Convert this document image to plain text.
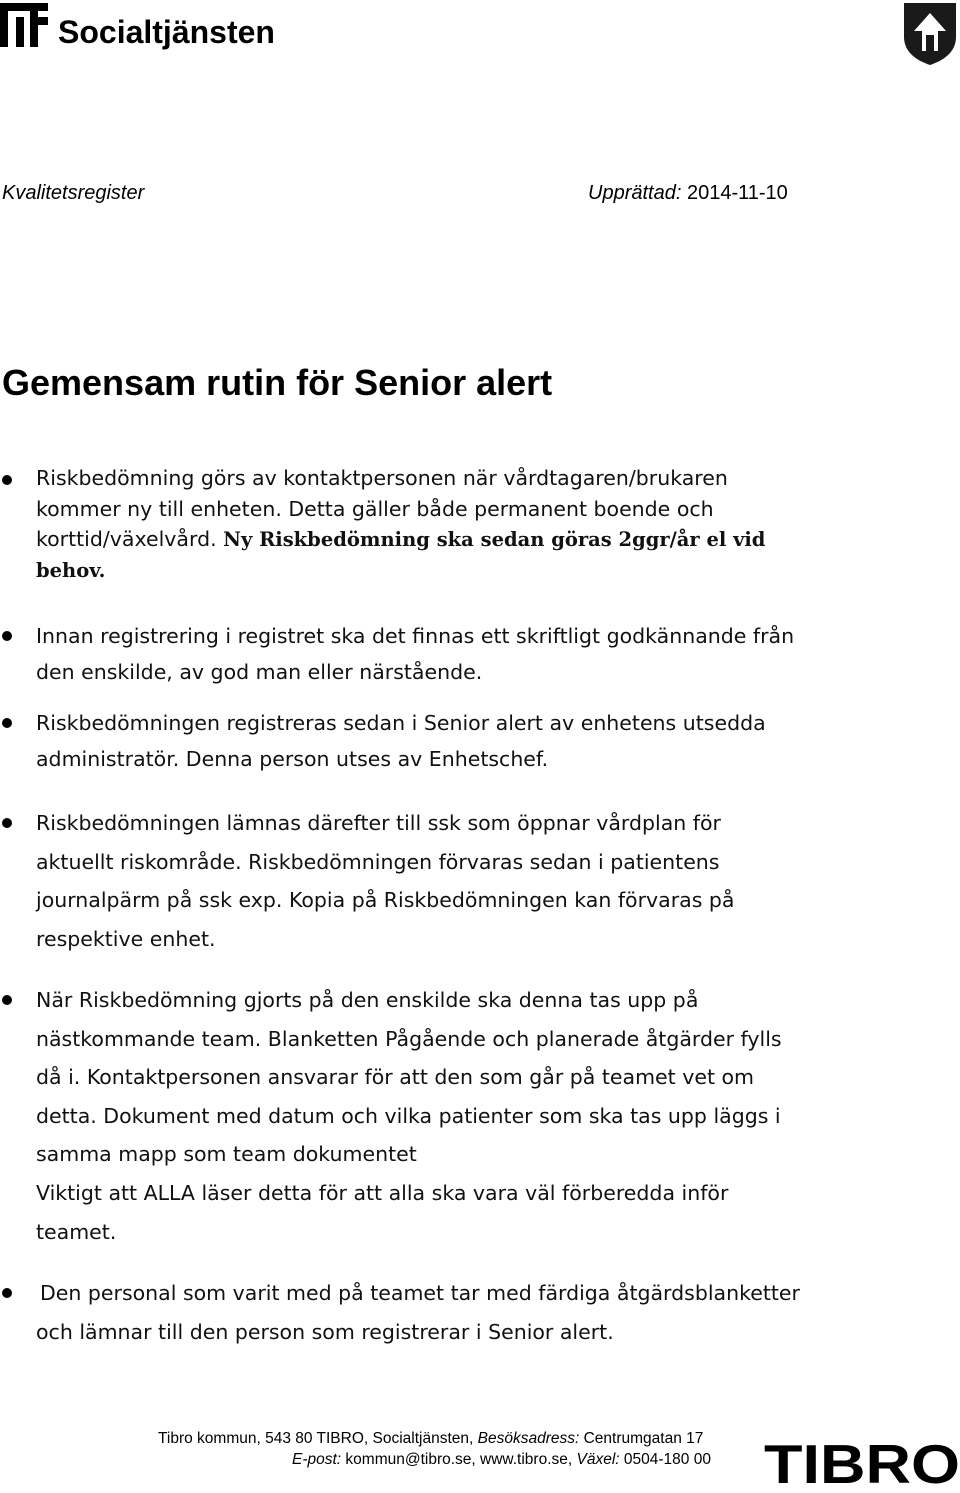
Socialtjänsten
Kvalitetsregister	Upprättad: 2014-11-10
Gemensam rutin för Senior alert
Riskbedömning görs av kontaktpersonen när vårdtagaren/brukaren
kommer ny till enheten. Detta gäller både permanent boende och
korttid/växelvård. Ny Riskbedömning ska sedan göras 2ggr/år el vid
behov.
Innan registrering i registret ska det finnas ett skriftligt godkännande från
den enskilde, av god man eller närstående.
Riskbedömningen registreras sedan i Senior alert av enhetens utsedda
administratör. Denna person utses av Enhetschef.
Riskbedömningen lämnas därefter till ssk som öppnar vårdplan för
aktuellt riskområde. Riskbedömningen förvaras sedan i patientens
journalpärm på ssk exp. Kopia på Riskbedömningen kan förvaras på
respektive enhet.
När Riskbedömning gjorts på den enskilde ska denna tas upp på
nästkommande team. Blanketten Pågående och planerade åtgärder fylls
då i. Kontaktpersonen ansvarar för att den som går på teamet vet om
detta. Dokument med datum och vilka patienter som ska tas upp läggs i
samma mapp som team dokumentet
Viktigt att ALLA läser detta för att alla ska vara väl förberedda inför
teamet.
Den personal som varit med på teamet tar med färdiga åtgärdsblanketter
och lämnar till den person som registrerar i Senior alert.
Tibro kommun, 543 80 TIBRO, Socialtjänsten, Besöksadress: Centrumgatan 17
E-post: kommun@tibro.se, www.tibro.se, Växel: 0504-180 00 TIBRO
